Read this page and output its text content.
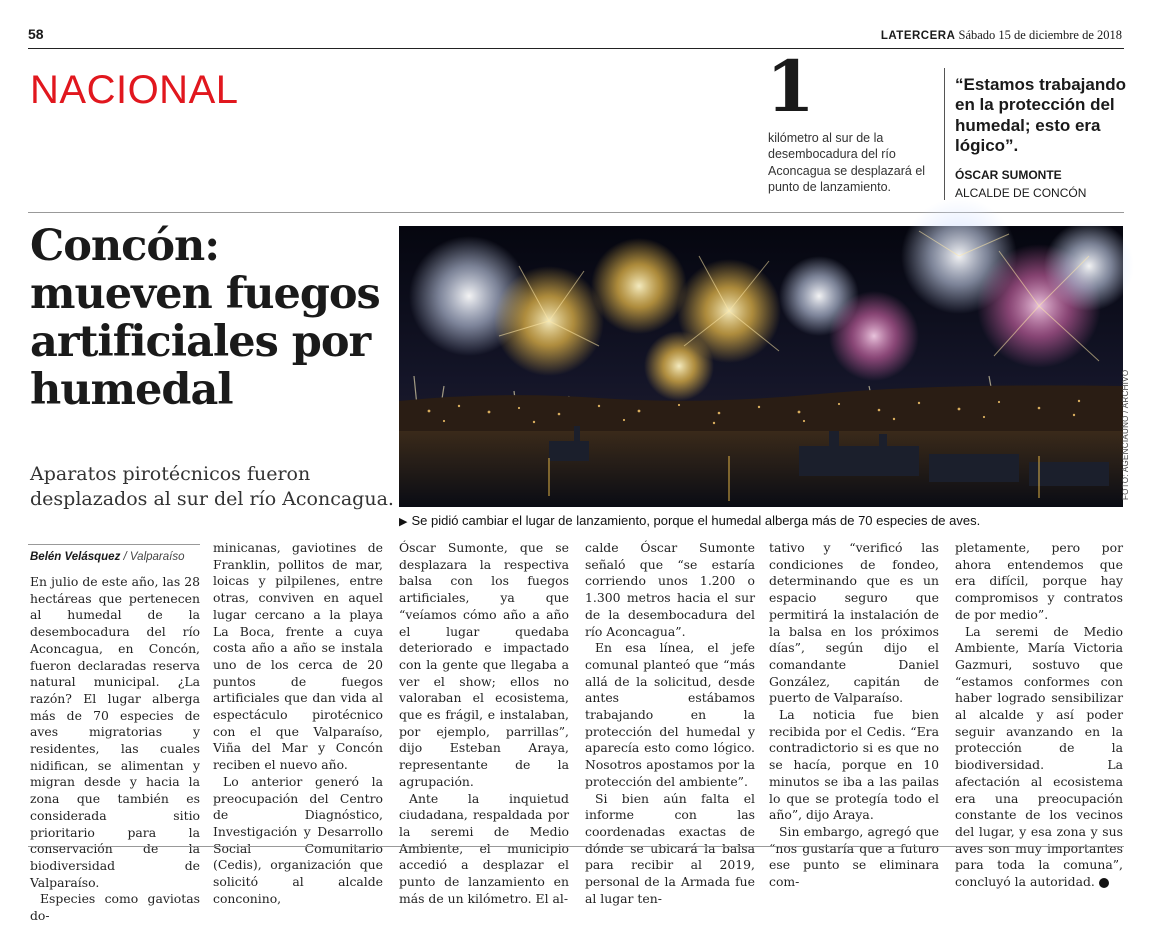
58	LATERCERA Sábado 15 de diciembre de 2018
NACIONAL	1
kilómetro al sur de la desembocadura del río Aconcagua se desplazará el punto de lanzamiento.
“Estamos trabajando en la protección del humedal; esto era lógico”.
ÓSCAR SUMONTE
ALCALDE DE CONCÓN
Concón: mueven fuegos artificiales por humedal

Aparatos pirotécnicos fueron desplazados al sur del río Aconcagua.	FOTO: AGENCIAUNO / ARCHIVO
▶ Se pidió cambiar el lugar de lanzamiento, porque el humedal alberga más de 70 especies de aves.
Belén Velásquez / Valparaíso

En julio de este año, las 28 hectáreas que pertenecen al humedal de la desembocadura del río Aconcagua, en Concón, fueron declaradas reserva natural municipal. ¿La razón? El lugar alberga más de 70 especies de aves migratorias y residentes, las cuales nidifican, se alimentan y migran desde y hacia la zona que también es considerada sitio prioritario para la conservación de la biodiversidad de Valparaíso.

Especies como gaviotas do-

minicanas, gaviotines de Franklin, pollitos de mar, loicas y pilpilenes, entre otras, conviven en aquel lugar cercano a la playa La Boca, frente a cuya costa año a año se instala uno de los cerca de 20 puntos de fuegos artificiales que dan vida al espectáculo pirotécnico con el que Valparaíso, Viña del Mar y Concón reciben el nuevo año.

Lo anterior generó la preocupación del Centro de Diagnóstico, Investigación y Desarrollo Social Comunitario (Cedis), organización que solicitó al alcalde conconino,

Óscar Sumonte, que se desplazara la respectiva balsa con los fuegos artificiales, ya que “veíamos cómo año a año el lugar quedaba deteriorado e impactado con la gente que llegaba a ver el show; ellos no valoraban el ecosistema, que es frágil, e instalaban, por ejemplo, parrillas”, dijo Esteban Araya, representante de la agrupación.

Ante la inquietud ciudadana, respaldada por la seremi de Medio Ambiente, el municipio accedió a desplazar el punto de lanzamiento en más de un kilómetro. El al-

calde Óscar Sumonte señaló que “se estaría corriendo unos 1.200 o 1.300 metros hacia el sur de la desembocadura del río Aconcagua”.

En esa línea, el jefe comunal planteó que “más allá de la solicitud, desde antes estábamos trabajando en la protección del humedal y aparecía esto como lógico. Nosotros apostamos por la protección del ambiente”.

Si bien aún falta el informe con las coordenadas exactas de dónde se ubicará la balsa para recibir al 2019, personal de la Armada fue al lugar ten-

tativo y “verificó las condiciones de fondeo, determinando que es un espacio seguro que permitirá la instalación de la balsa en los próximos días”, según dijo el comandante Daniel González, capitán de puerto de Valparaíso.

La noticia fue bien recibida por el Cedis. “Era contradictorio si es que no se hacía, porque en 10 minutos se iba a las pailas lo que se protegía todo el año”, dijo Araya.

Sin embargo, agregó que “nos gustaría que a futuro ese punto se eliminara com-

pletamente, pero por ahora entendemos que era difícil, porque hay compromisos y contratos de por medio”.

La seremi de Medio Ambiente, María Victoria Gazmuri, sostuvo que “estamos conformes con haber logrado sensibilizar al alcalde y así poder seguir avanzando en la protección de la biodiversidad. La afectación al ecosistema era una preocupación constante de los vecinos del lugar, y esa zona y sus aves son muy importantes para toda la comuna”, concluyó la autoridad.
